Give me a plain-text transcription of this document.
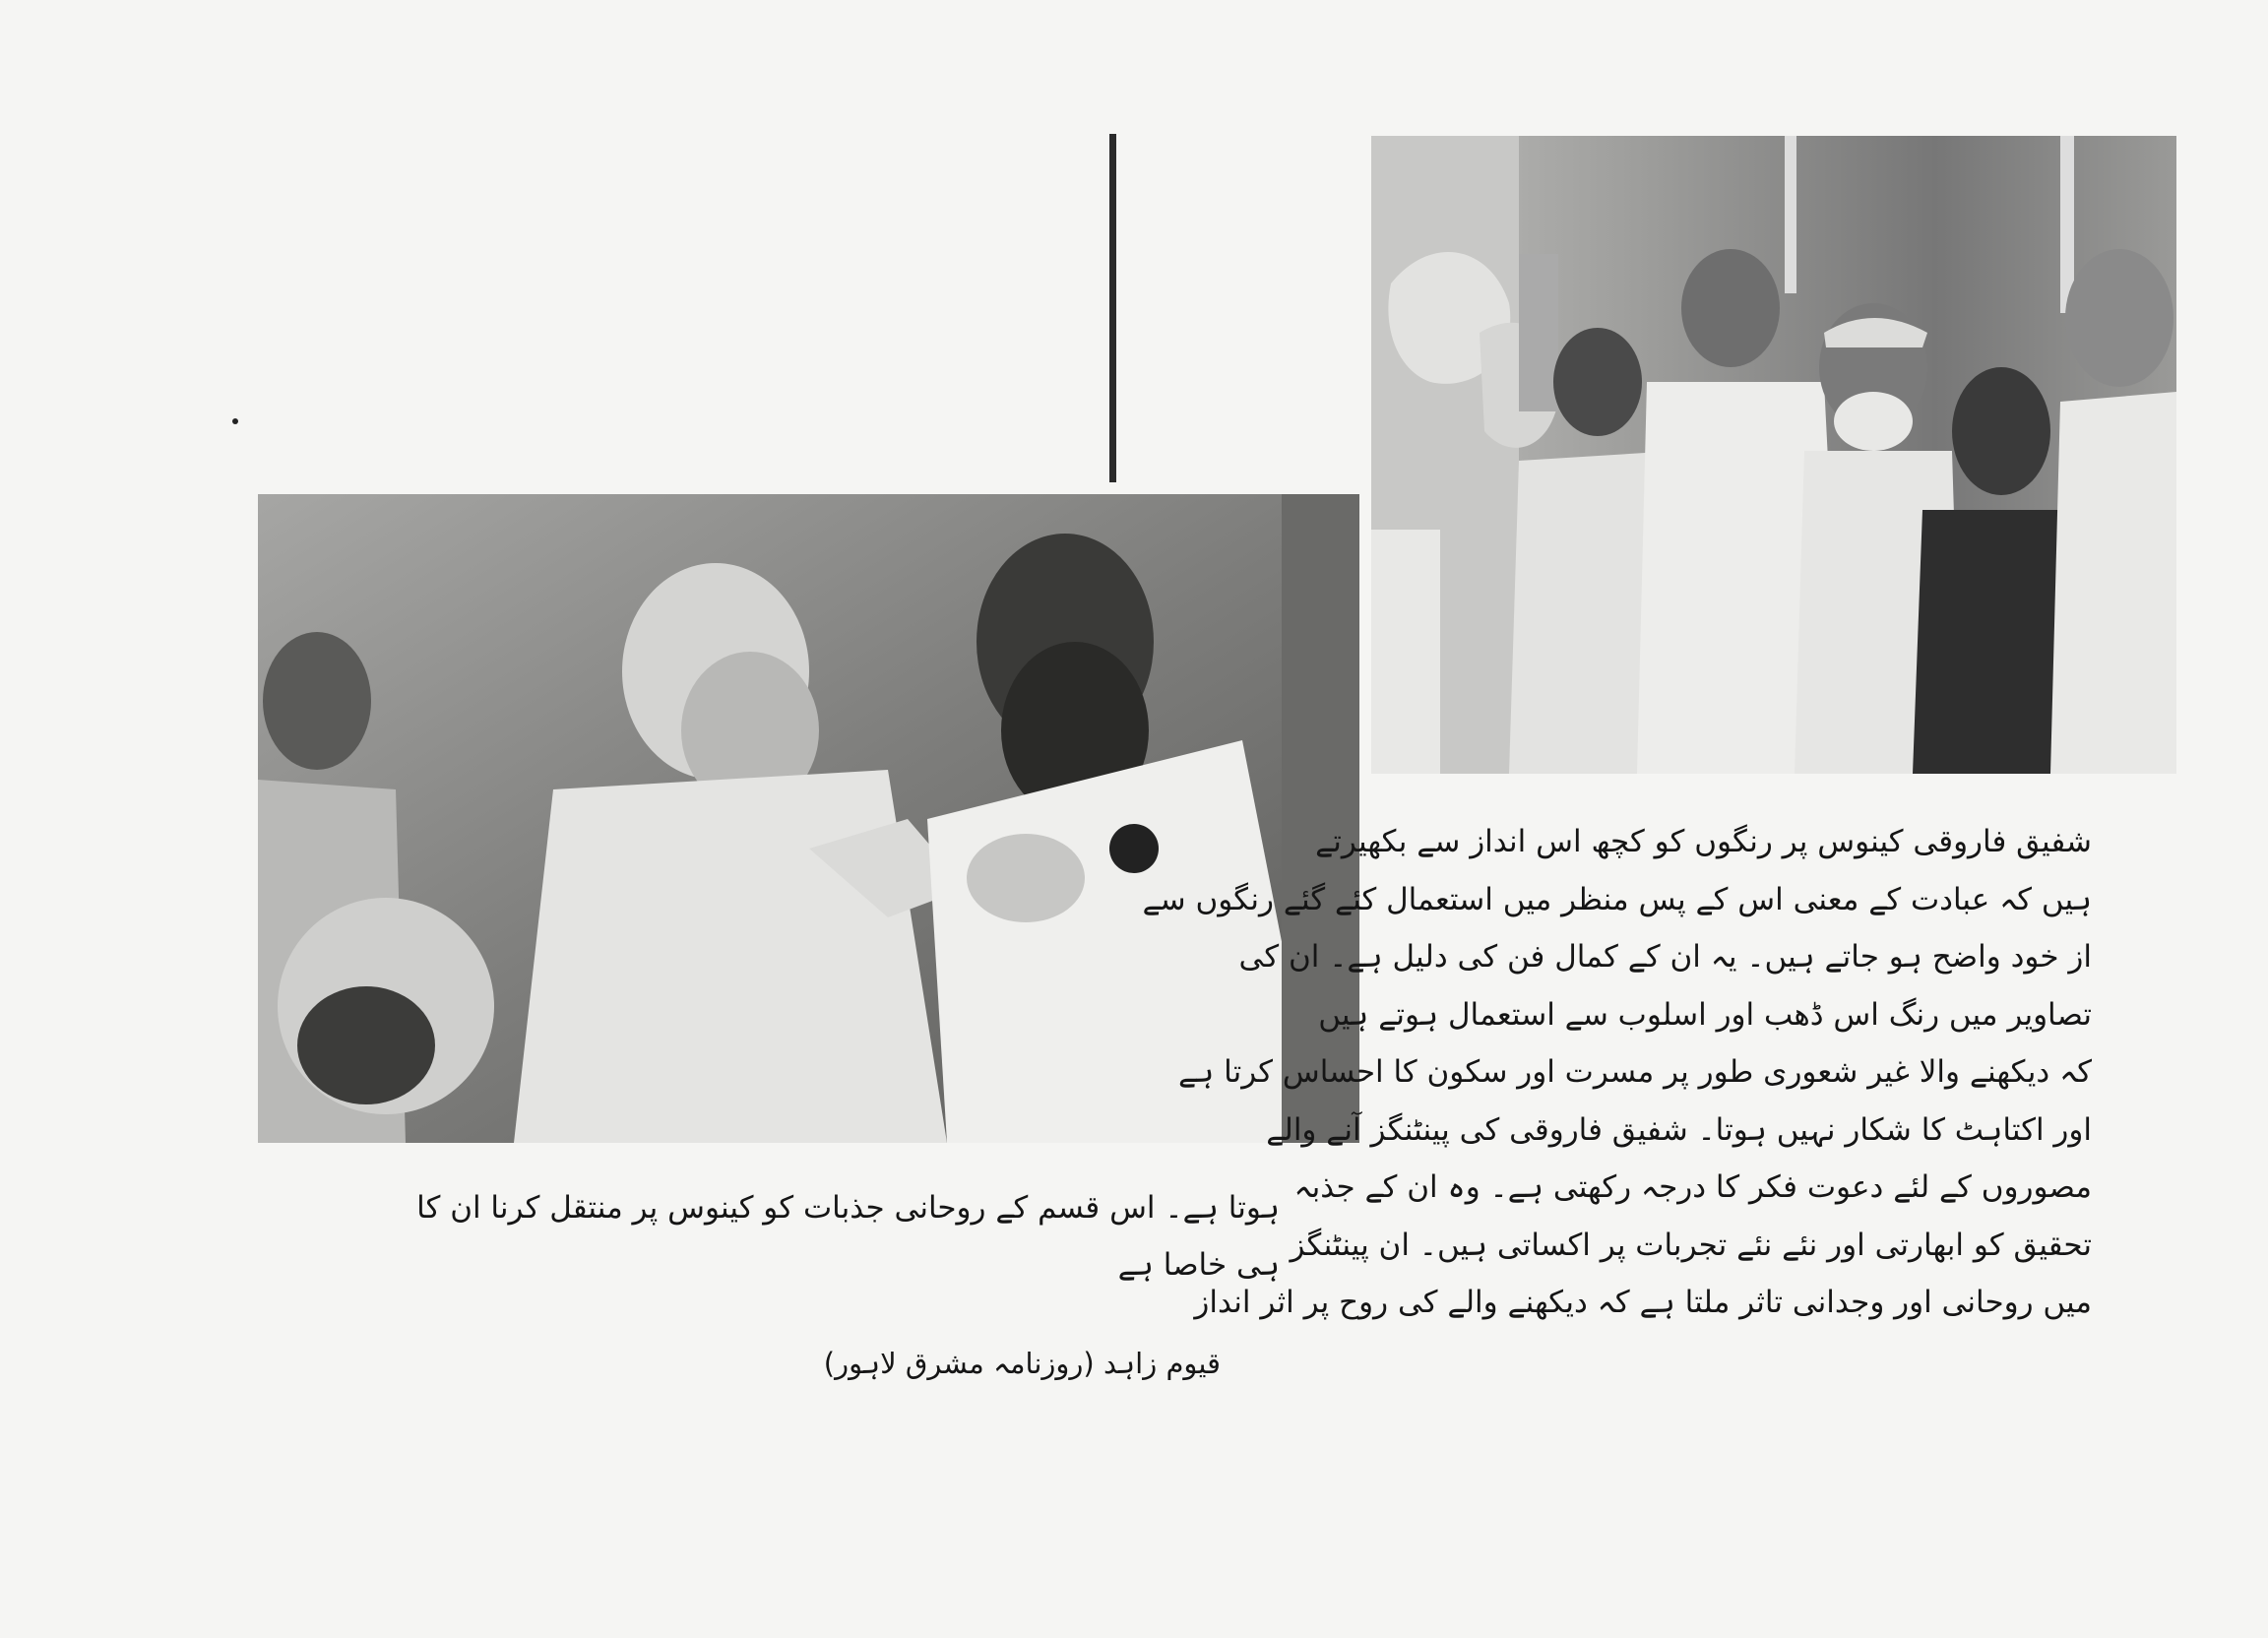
شفیق فاروقی کینوس پر رنگوں کو کچھ اس انداز سے بکھیرتے
ہیں کہ عبادت کے معنی اس کے پس منظر میں استعمال کئے گئے رنگوں سے
از خود واضح ہو جاتے ہیں۔ یہ ان کے کمال فن کی دلیل ہے۔ ان کی
تصاویر میں رنگ اس ڈھب اور اسلوب سے استعمال ہوتے ہیں
کہ دیکھنے والا غیر شعوری طور پر مسرت اور سکون کا احساس کرتا ہے
اور اکتاہٹ کا شکار نہیں ہوتا۔ شفیق فاروقی کی پینٹنگز آنے والے
مصوروں کے لئے دعوت فکر کا درجہ رکھتی ہے۔ وہ ان کے جذبہ
تحقیق کو ابھارتی اور نئے نئے تجربات پر اکساتی ہیں۔ ان پینٹنگز
میں روحانی اور وجدانی تاثر ملتا ہے کہ دیکھنے والے کی روح پر اثر انداز
ہوتا ہے۔ اس قسم کے روحانی جذبات کو کینوس پر منتقل کرنا ان کا
ہی خاصا ہے
قیوم زاہد (روزنامہ مشرق لاہور)
